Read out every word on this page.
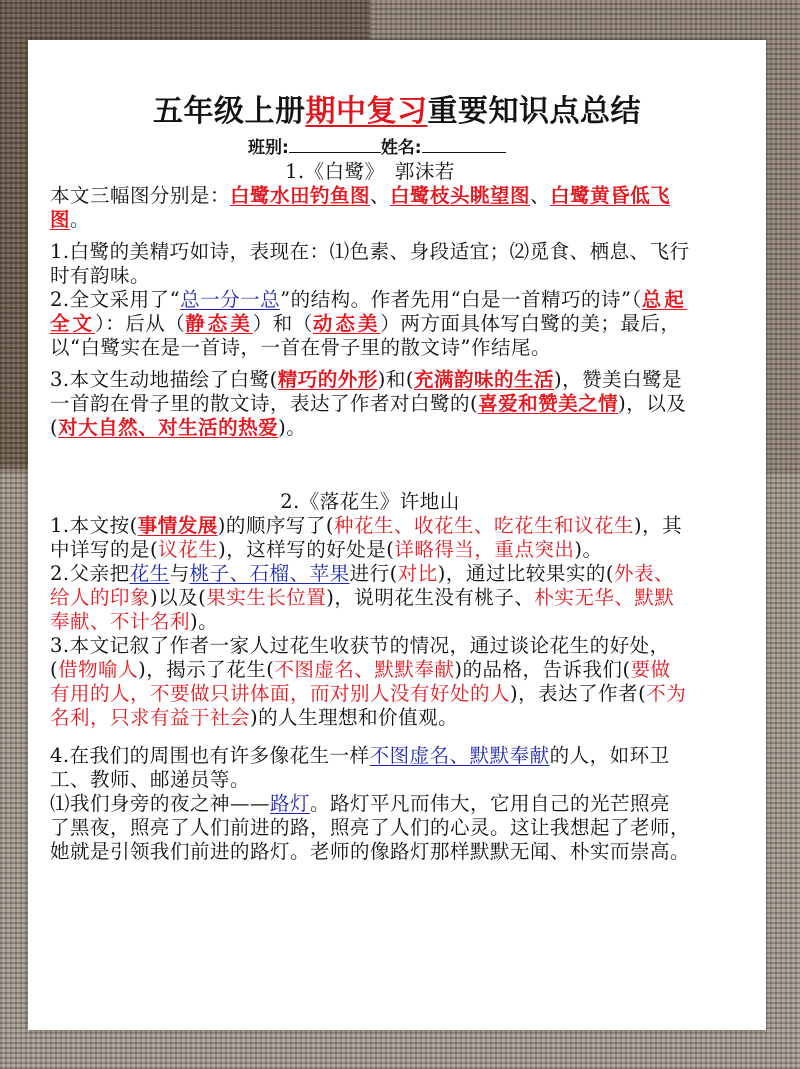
五年级上册期中复习重要知识点总结
班别:	姓名:

1.《白鹭》　郭沫若

本文三幅图分别是：白鹭水田钓鱼图、白鹭枝头眺望图、白鹭黄昏低飞图。

1.白鹭的美精巧如诗，表现在：⑴色素、身段适宜；⑵觅食、栖息、飞行时有韵味。

2.全文采用了“总一分一总”的结构。作者先用“白是一首精巧的诗”（总起全文）：后从（静态美）和（动态美）两方面具体写白鹭的美；最后，以“白鹭实在是一首诗，一首在骨子里的散文诗”作结尾。

3.本文生动地描绘了白鹭(精巧的外形)和(充满韵味的生活)，赞美白鹭是一首韵在骨子里的散文诗，表达了作者对白鹭的(喜爱和赞美之情)，以及(对大自然、对生活的热爱)。

2.《落花生》许地山

1.本文按(事情发展)的顺序写了(种花生、收花生、吃花生和议花生)，其中详写的是(议花生)，这样写的好处是(详略得当，重点突出)。

2.父亲把花生与桃子、石榴、苹果进行(对比)，通过比较果实的(外表、给人的印象)以及(果实生长位置)，说明花生没有桃子、朴实无华、默默奉献、不计名利)。

3.本文记叙了作者一家人过花生收获节的情况，通过谈论花生的好处，(借物喻人)，揭示了花生(不图虚名、默默奉献)的品格，告诉我们(要做有用的人，不要做只讲体面，而对别人没有好处的人)，表达了作者(不为名利，只求有益于社会)的人生理想和价值观。

4.在我们的周围也有许多像花生一样不图虚名、默默奉献的人，如环卫工、教师、邮递员等。

⑴我们身旁的夜之神——路灯。路灯平凡而伟大，它用自己的光芒照亮了黑夜，照亮了人们前进的路，照亮了人们的心灵。这让我想起了老师，她就是引领我们前进的路灯。老师的像路灯那样默默无闻、朴实而崇高。
